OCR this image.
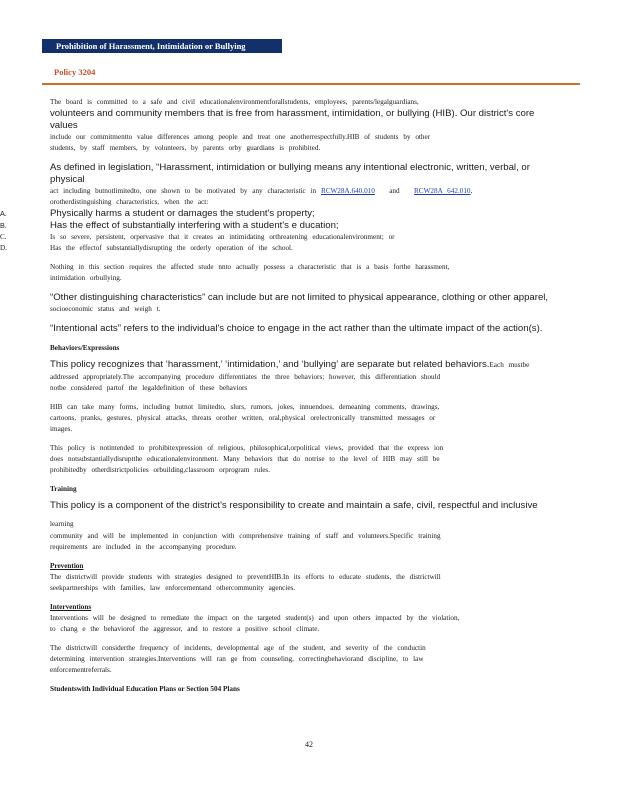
Prohibition of Harassment, Intimidation or Bullying
Policy 3204

The board is committed to a safe and civil educationalenvironmentforallstudents, employees, parents/legalguardians,

volunteers and community members that is free from harassment, intimidation, or bullying (HIB). Our district's core values

include our commitmentto value differences among people and treat one anotherrespectfully.HIB of students by other

students, by staff members, by volunteers, by parents orby guardians is prohibited.

As defined in legislation, “Harassment, intimidation or bullying means any intentional electronic, written, verbal, or physical

act including butnotlimitedto, one shown to be motivated by any characteristic in RCW28A.640.010 and RCW28A 642.010,

orotherdistinguishing characteristics, when the act:

A.	Physically harms a student or damages the student's property;
B.	Has the effect of substantially interfering with a student's e ducation;
C.	Is so severe, persistent, orpervasive that it creates an intimidating orthreatening educationalenvironment; or
D.	Has the effectof substantiallydisrupting the orderly operation of the school.

Nothing in this section requires the affected stude nnto actually possess a characteristic that is a basis forthe harassment,

intimidation orbullying.

“Other distinguishing characteristics” can include but are not limited to physical appearance, clothing or other apparel,

socioeconomic status and weigh t.

“Intentional acts” refers to the individual's choice to engage in the act rather than the ultimate impact of the action(s).

Behaviors/Expressions

This policy recognizes that ‘harassment,’ ‘intimidation,’ and ‘bullying’ are separate but related behaviors.Each mustbe

addressed appropriately.The accompanying procedure differentiates the three behaviors; however, this differentiation should

notbe considered partof the legaldefinition of these behaviors

HIB can take many forms, including butnot limitedto, slurs, rumors, jokes, innuendoes, demeaning comments, drawings,

cartoons, pranks, gestures, physical attacks, threats orother written, oral,physical orelectronically transmitted messages or

images.

This policy is notintended to prohibitexpression of religious, philosophical,orpolitical views, provided that the express ion

does notsubstantiallydisruptthe educationalenvironment. Many behaviors that do notrise to the level of HIB may still be

prohibitedby otherdistrictpolicies orbuilding,classroom orprogram rules.

Training

This policy is a component of the district's responsibility to create and maintain a safe, civil, respectful and inclusive learning

community and will be implemented in conjunction with comprehensive training of staff and volunteers.Specific training

requirements are included in the accompanying procedure.

Prevention

The districtwill provide students with strategies designed to preventHIB.In its efforts to educate students, the districtwill

seekpartnerships with families, law enforcementand othercommunity agencies.

Interventions

Interventions will be designed to remediate the impact on the targeted student(s) and upon others impacted by the violation,

to chang e the behaviorof the aggressor, and to restore a positive school climate.

The districtwill considerthe frequency of incidents, developmental age of the student, and severity of the conductin

determining intervention strategies.Interventions will ran ge from counseling, correctingbehaviorand discipline, to law

enforcementreferrals.

Studentswith Individual Education Plans or Section 504 Plans

42
